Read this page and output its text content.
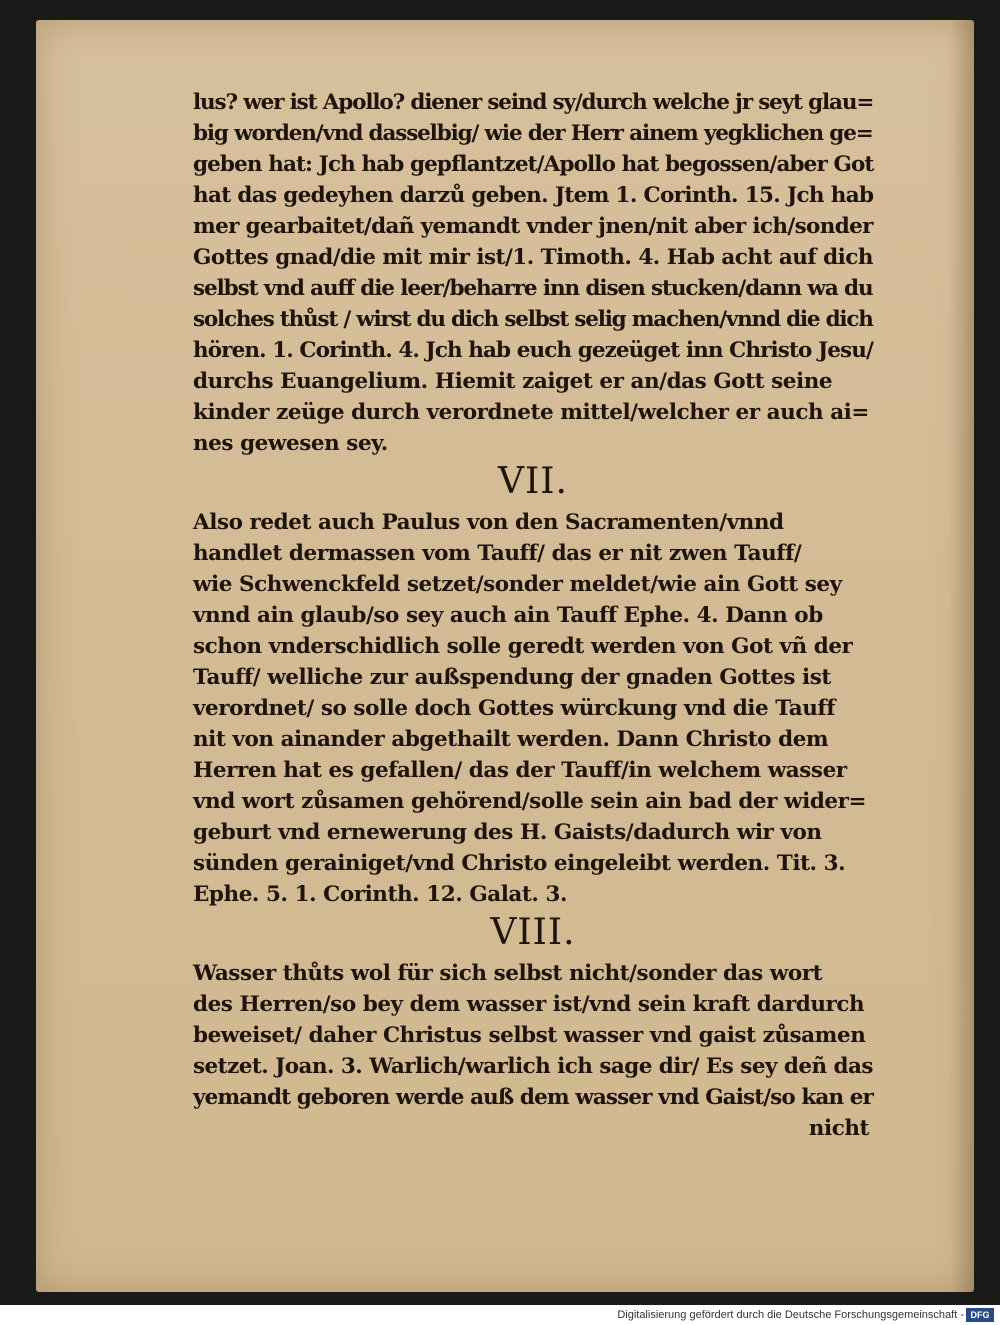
lus? wer ist Apollo? diener seind sy/durch welche jr seyt glau=
big worden/vnd dasselbig/ wie der Herr ainem yegklichen ge=
geben hat: Jch hab gepflantzet/Apollo hat begossen/aber Got
hat das gedeyhen darzů geben. Jtem 1. Corinth. 15. Jch hab
mer gearbaitet/dañ yemandt vnder jnen/nit aber ich/sonder
Gottes gnad/die mit mir ist/1. Timoth. 4. Hab acht auf dich
selbst vnd auff die leer/beharre inn disen stucken/dann wa du
solches thůst / wirst du dich selbst selig machen/vnnd die dich
hören. 1. Corinth. 4. Jch hab euch gezeüget inn Christo Jesu/
durchs Euangelium. Hiemit zaiget er an/das Gott seine
kinder zeüge durch verordnete mittel/welcher er auch ai=
nes gewesen sey.
VII.
Also redet auch Paulus von den Sacramenten/vnnd
handlet dermassen vom Tauff/ das er nit zwen Tauff/
wie Schwenckfeld setzet/sonder meldet/wie ain Gott sey
vnnd ain glaub/so sey auch ain Tauff Ephe. 4. Dann ob
schon vnderschidlich solle geredt werden von Got vñ der
Tauff/ welliche zur außspendung der gnaden Gottes ist
verordnet/ so solle doch Gottes würckung vnd die Tauff
nit von ainander abgethailt werden. Dann Christo dem
Herren hat es gefallen/ das der Tauff/in welchem wasser
vnd wort zůsamen gehörend/solle sein ain bad der wider=
geburt vnd ernewerung des H. Gaists/dadurch wir von
sünden gerainiget/vnd Christo eingeleibt werden. Tit. 3.
Ephe. 5. 1. Corinth. 12. Galat. 3.
VIII.
Wasser thůts wol für sich selbst nicht/sonder das wort
des Herren/so bey dem wasser ist/vnd sein kraft dardurch
beweiset/ daher Christus selbst wasser vnd gaist zůsamen
setzet. Joan. 3. Warlich/warlich ich sage dir/ Es sey deñ das
yemandt geboren werde auß dem wasser vnd Gaist/so kan er
nicht
Digitalisierung gefördert durch die Deutsche Forschungsgemeinschaft - DFG
